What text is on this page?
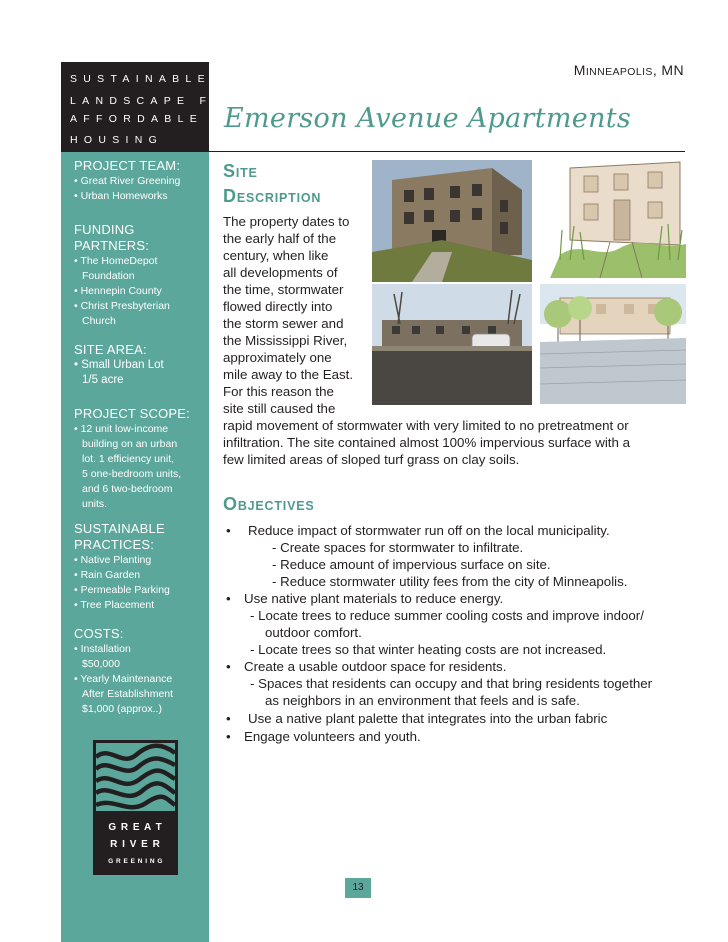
SUSTAINABLE
LANDSCAPE FOR
AFFORDABLE
HOUSING
MINNEAPOLIS, MN
Emerson Avenue Apartments
PROJECT TEAM:
• Great River Greening
• Urban Homeworks
FUNDING
PARTNERS:
• The HomeDepot
Foundation
• Hennepin County
• Christ Presbyterian
Church
SITE AREA:
• Small Urban Lot
1/5 acre
PROJECT SCOPE:
• 12 unit low-income
building on an urban
lot. 1 efficiency unit,
5 one-bedroom units,
and 6 two-bedroom
units.
SUSTAINABLE
PRACTICES:
• Native Planting
• Rain Garden
• Permeable Parking
• Tree Placement
COSTS:
• Installation
$50,000
• Yearly Maintenance
After Establishment
$1,000 (approx..)
G R E A T
R I V E R
G R E E N I N G
SITE
DESCRIPTION
The property dates to
the early half of the
century, when like
all developments of
the time, stormwater
flowed directly into
the storm sewer and
the Mississippi River,
approximately one
mile away to the East.
For this reason the
site still caused the
rapid movement of stormwater with very limited to no pretreatment or
infiltration. The site contained almost 100% impervious surface with a
few limited areas of sloped turf grass on clay soils.
OBJECTIVES
• Reduce impact of stormwater run off on the local municipality.
- Create spaces for stormwater to infiltrate.
- Reduce amount of impervious surface on site.
- Reduce stormwater utility fees from the city of Minneapolis.
• Use native plant materials to reduce energy.
- Locate trees to reduce summer cooling costs and improve indoor/
outdoor comfort.
- Locate trees so that winter heating costs are not increased.
• Create a usable outdoor space for residents.
- Spaces that residents can occupy and that bring residents together
as neighbors in an environment that feels and is safe.
• Use a native plant palette that integrates into the urban fabric
• Engage volunteers and youth.
13
